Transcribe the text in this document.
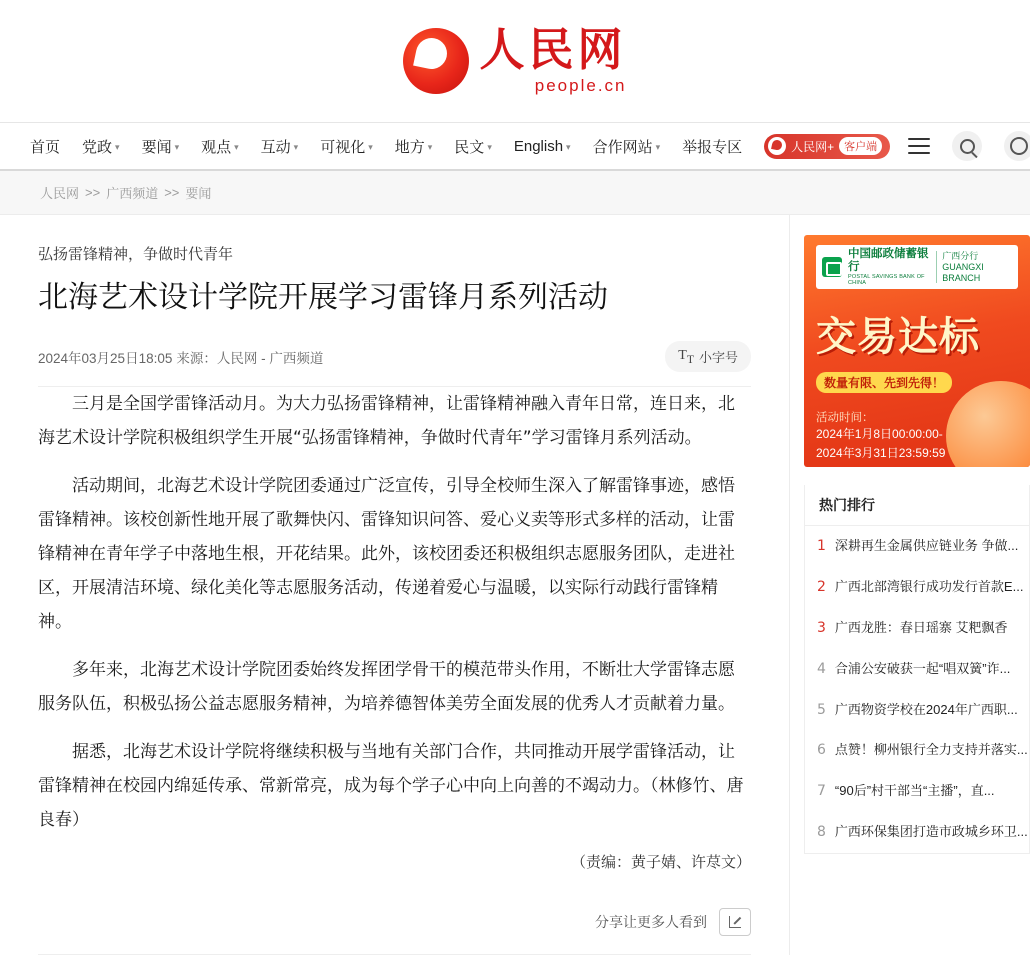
人民网
people.cn
首页 党政 ▾ 要闻 ▾ 观点 ▾ 互动 ▾ 可视化 ▾ 地方 ▾ 民文 ▾ English ▾ 合作网站 ▾ 举报专区	人民网+ 客户端
人民网 >> 广西频道 >> 要闻
弘扬雷锋精神，争做时代青年
北海艺术设计学院开展学习雷锋月系列活动
2024年03月25日18:05 来源： 人民网 - 广西频道	$T_T$ 小字号

三月是全国学雷锋活动月。为大力弘扬雷锋精神，让雷锋精神融入青年日常，连日来，北海艺术设计学院积极组织学生开展“弘扬雷锋精神，争做时代青年”学习雷锋月系列活动。

活动期间，北海艺术设计学院团委通过广泛宣传，引导全校师生深入了解雷锋事迹，感悟雷锋精神。该校创新性地开展了歌舞快闪、雷锋知识问答、爱心义卖等形式多样的活动，让雷锋精神在青年学子中落地生根，开花结果。此外，该校团委还积极组织志愿服务团队，走进社区，开展清洁环境、绿化美化等志愿服务活动，传递着爱心与温暖，以实际行动践行雷锋精神。

多年来，北海艺术设计学院团委始终发挥团学骨干的模范带头作用，不断壮大学雷锋志愿服务队伍，积极弘扬公益志愿服务精神，为培养德智体美劳全面发展的优秀人才贡献着力量。

据悉，北海艺术设计学院将继续积极与当地有关部门合作，共同推动开展学雷锋活动，让雷锋精神在校园内绵延传承、常新常亮，成为每个学子心中向上向善的不竭动力。（林修竹、唐良春）

（责编：黄子婧、许荩文）
分享让更多人看到
中国邮政储蓄银行
POSTAL SAVINGS BANK OF CHINA
广西分行
GUANGXI BRANCH
交易达标
数量有限、先到先得！
活动时间：
2024年1月8日00:00:00-
2024年3月31日23:59:59
热门排行
1 深耕再生金属供应链业务 争做...
2 广西北部湾银行成功发行首款E...
3 广西龙胜：春日瑶寨 艾粑飘香
4 合浦公安破获一起“唱双簧”诈...
5 广西物资学校在2024年广西职...
6 点赞！柳州银行全力支持并落实...
7 “90后”村干部当“主播”，直...
8 广西环保集团打造市政城乡环卫...
